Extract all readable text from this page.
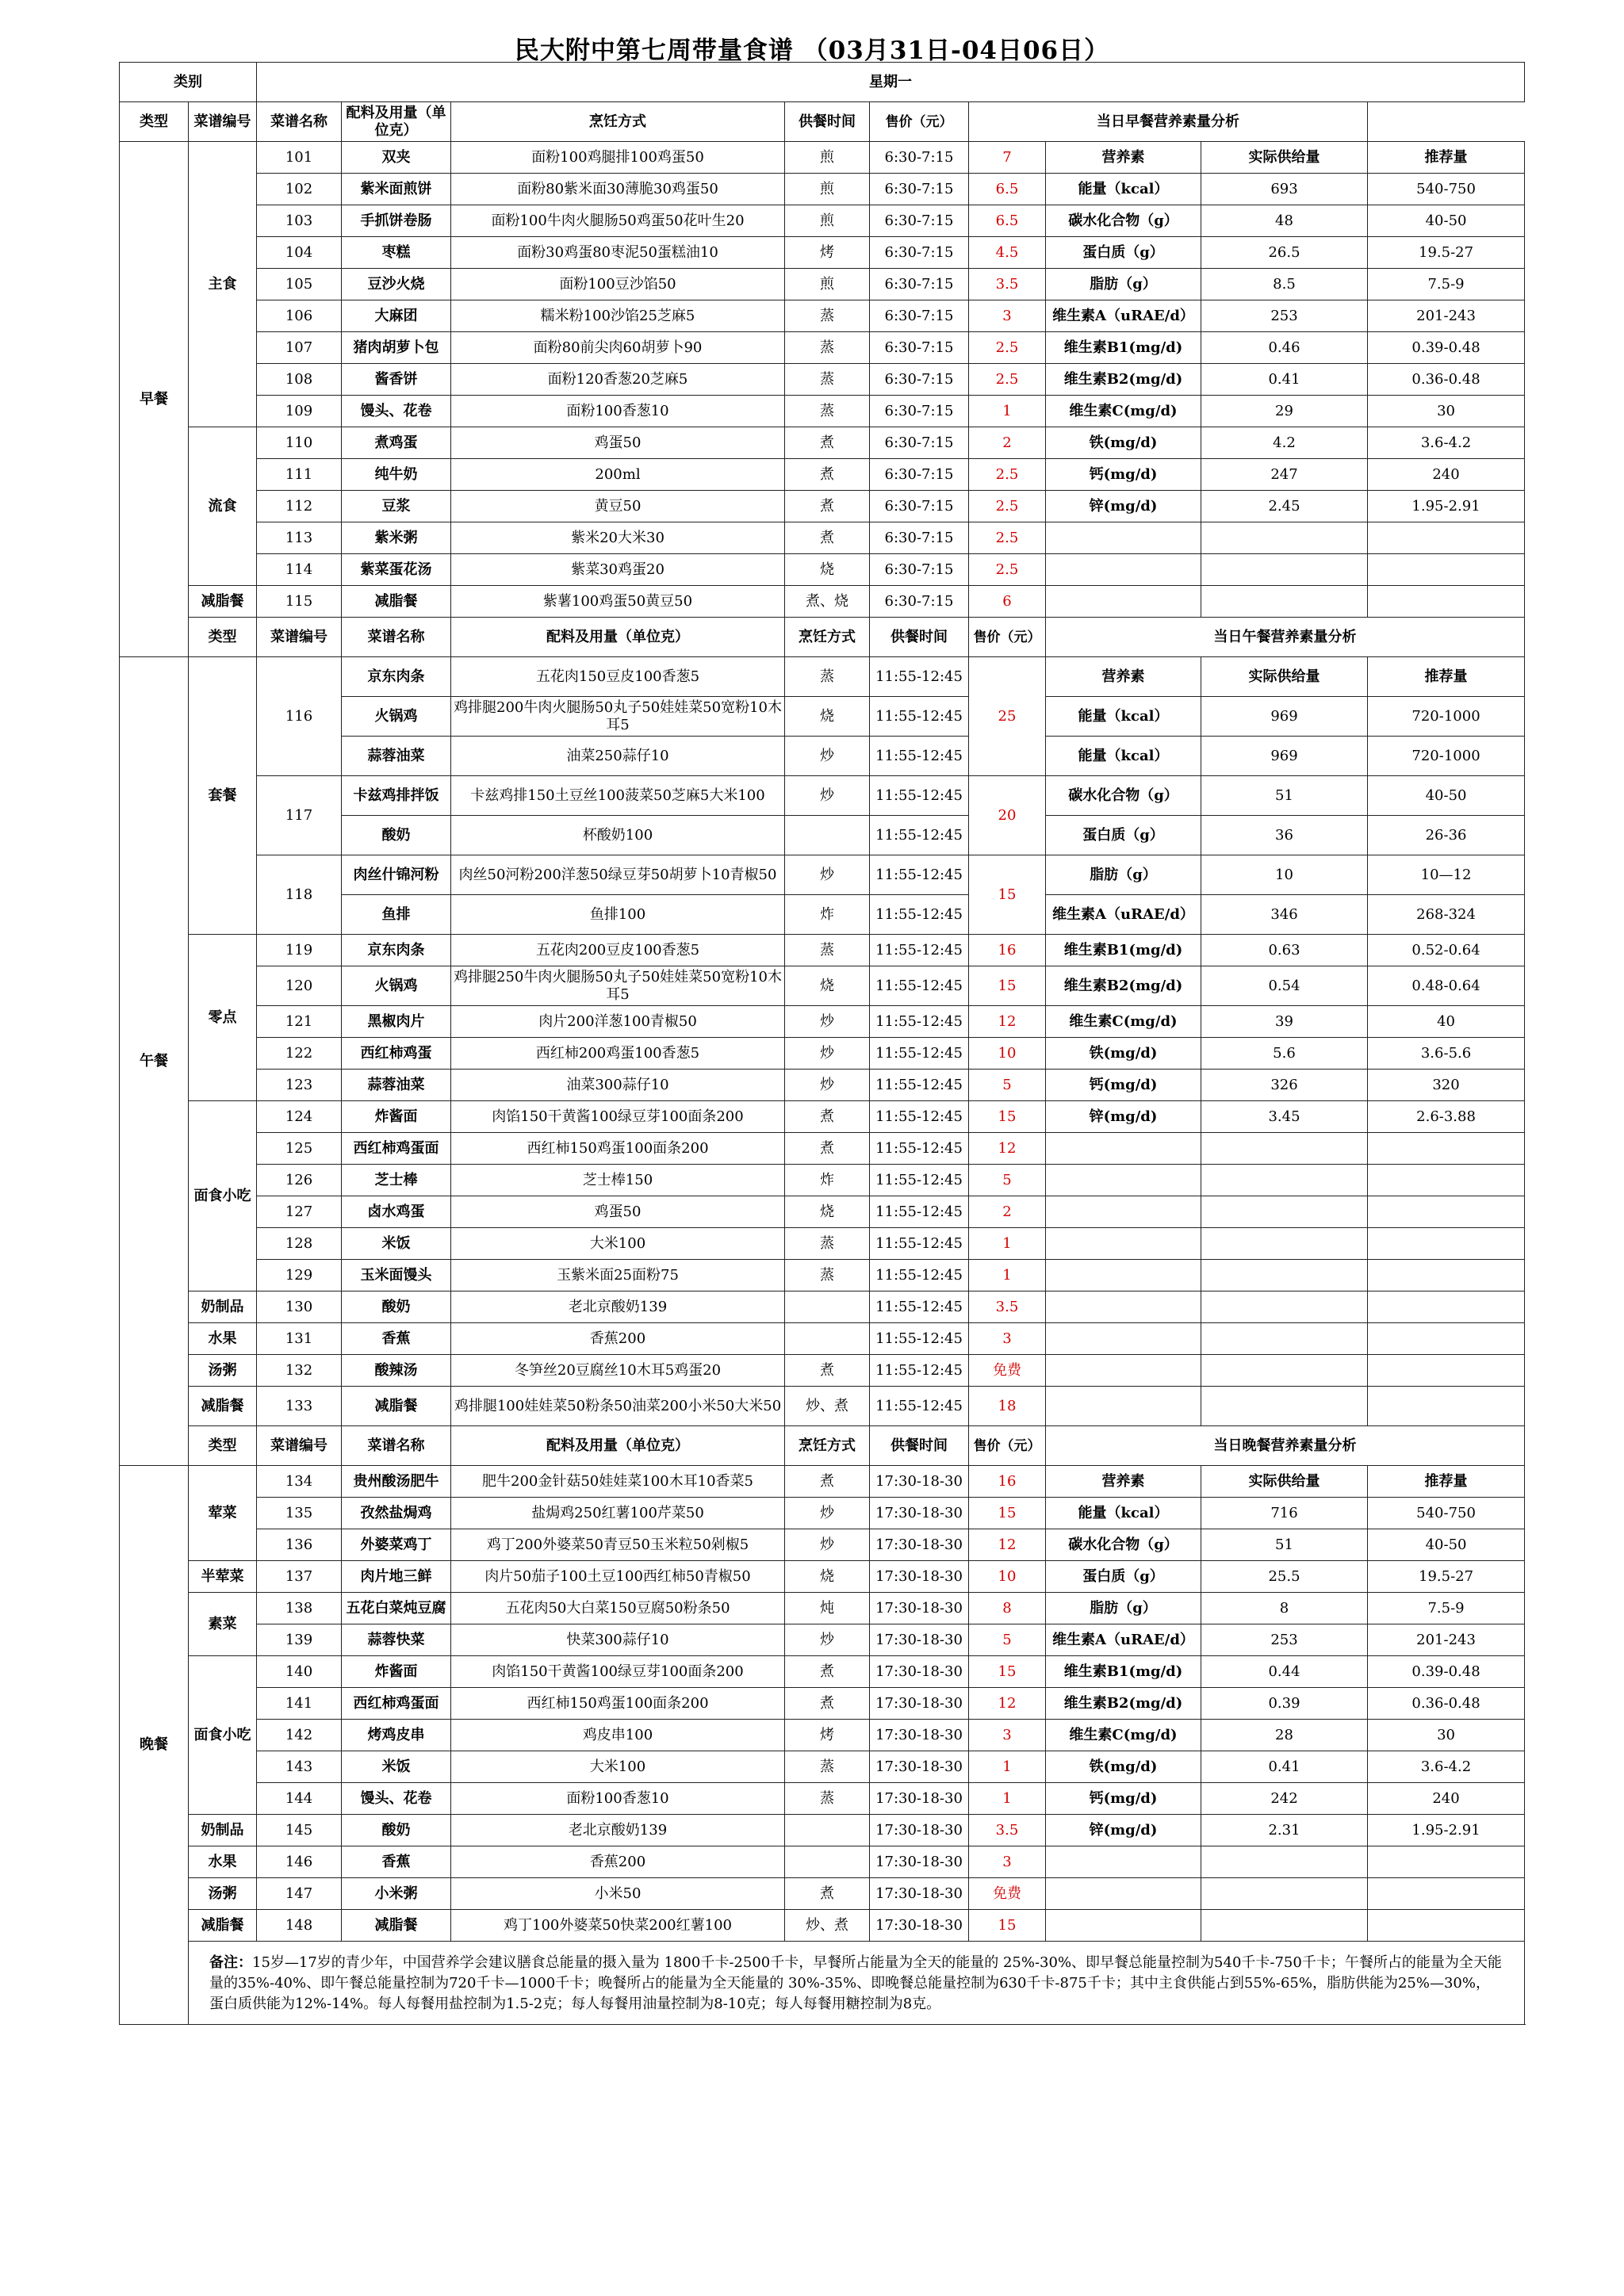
民大附中第七周带量食谱 （03月31日-04日06日）
类别		星期一								
类型	菜谱编号	菜谱名称	配料及用量（单位克）	烹饪方式	供餐时间	售价（元）	当日早餐营养素量分析			
早餐	主食	101	双夹	面粉100鸡腿排100鸡蛋50	煎	6:30-7:15	7	营养素	实际供给量	推荐量
		102	紫米面煎饼	面粉80紫米面30薄脆30鸡蛋50	煎	6:30-7:15	6.5	能量（kcal）	693	540-750
		103	手抓饼卷肠	面粉100牛肉火腿肠50鸡蛋50花叶生20	煎	6:30-7:15	6.5	碳水化合物（g）	48	40-50
		104	枣糕	面粉30鸡蛋80枣泥50蛋糕油10	烤	6:30-7:15	4.5	蛋白质（g）	26.5	19.5-27
		105	豆沙火烧	面粉100豆沙馅50	煎	6:30-7:15	3.5	脂肪（g）	8.5	7.5-9
		106	大麻团	糯米粉100沙馅25芝麻5	蒸	6:30-7:15	3	维生素A（uRAE/d）	253	201-243
		107	猪肉胡萝卜包	面粉80前尖肉60胡萝卜90	蒸	6:30-7:15	2.5	维生素B1(mg/d)	0.46	0.39-0.48
		108	酱香饼	面粉120香葱20芝麻5	蒸	6:30-7:15	2.5	维生素B2(mg/d)	0.41	0.36-0.48
		109	馒头、花卷	面粉100香葱10	蒸	6:30-7:15	1	维生素C(mg/d)	29	30
	流食	110	煮鸡蛋	鸡蛋50	煮	6:30-7:15	2	铁(mg/d)	4.2	3.6-4.2
		111	纯牛奶	200ml	煮	6:30-7:15	2.5	钙(mg/d)	247	240
		112	豆浆	黄豆50	煮	6:30-7:15	2.5	锌(mg/d)	2.45	1.95-2.91
		113	紫米粥	紫米20大米30	煮	6:30-7:15	2.5			
		114	紫菜蛋花汤	紫菜30鸡蛋20	烧	6:30-7:15	2.5			
	减脂餐	115	减脂餐	紫薯100鸡蛋50黄豆50	煮、烧	6:30-7:15	6			
	类型	菜谱编号	菜谱名称	配料及用量（单位克）	烹饪方式	供餐时间	售价（元）	当日午餐营养素量分析		
午餐	套餐	116	京东肉条	五花肉150豆皮100香葱5	蒸	11:55-12:45	25	营养素	实际供给量	推荐量
			火锅鸡	鸡排腿200牛肉火腿肠50丸子50娃娃菜50宽粉10木耳5	烧	11:55-12:45		能量（kcal）	969	720-1000
			蒜蓉油菜	油菜250蒜仔10	炒	11:55-12:45		能量（kcal）	969	720-1000
		117	卡兹鸡排拌饭	卡兹鸡排150土豆丝100菠菜50芝麻5大米100	炒	11:55-12:45	20	碳水化合物（g）	51	40-50
			酸奶	杯酸奶100		11:55-12:45		蛋白质（g）	36	26-36
		118	肉丝什锦河粉	肉丝50河粉200洋葱50绿豆芽50胡萝卜10青椒50	炒	11:55-12:45	15	脂肪（g）	10	10—12
			鱼排	鱼排100	炸	11:55-12:45		维生素A（uRAE/d）	346	268-324
	零点	119	京东肉条	五花肉200豆皮100香葱5	蒸	11:55-12:45	16	维生素B1(mg/d)	0.63	0.52-0.64
		120	火锅鸡	鸡排腿250牛肉火腿肠50丸子50娃娃菜50宽粉10木耳5	烧	11:55-12:45	15	维生素B2(mg/d)	0.54	0.48-0.64
		121	黑椒肉片	肉片200洋葱100青椒50	炒	11:55-12:45	12	维生素C(mg/d)	39	40
		122	西红柿鸡蛋	西红柿200鸡蛋100香葱5	炒	11:55-12:45	10	铁(mg/d)	5.6	3.6-5.6
		123	蒜蓉油菜	油菜300蒜仔10	炒	11:55-12:45	5	钙(mg/d)	326	320
	面食小吃	124	炸酱面	肉馅150干黄酱100绿豆芽100面条200	煮	11:55-12:45	15	锌(mg/d)	3.45	2.6-3.88
		125	西红柿鸡蛋面	西红柿150鸡蛋100面条200	煮	11:55-12:45	12			
		126	芝士棒	芝士棒150	炸	11:55-12:45	5			
		127	卤水鸡蛋	鸡蛋50	烧	11:55-12:45	2			
		128	米饭	大米100	蒸	11:55-12:45	1			
		129	玉米面馒头	玉紫米面25面粉75	蒸	11:55-12:45	1			
	奶制品	130	酸奶	老北京酸奶139		11:55-12:45	3.5			
	水果	131	香蕉	香蕉200		11:55-12:45	3			
	汤粥	132	酸辣汤	冬笋丝20豆腐丝10木耳5鸡蛋20	煮	11:55-12:45	免费			
	减脂餐	133	减脂餐	鸡排腿100娃娃菜50粉条50油菜200小米50大米50	炒、煮	11:55-12:45	18			
	类型	菜谱编号	菜谱名称	配料及用量（单位克）	烹饪方式	供餐时间	售价（元）	当日晚餐营养素量分析		
晚餐	荤菜	134	贵州酸汤肥牛	肥牛200金针菇50娃娃菜100木耳10香菜5	煮	17:30-18-30	16	营养素	实际供给量	推荐量
		135	孜然盐焗鸡	盐焗鸡250红薯100芹菜50	炒	17:30-18-30	15	能量（kcal）	716	540-750
		136	外婆菜鸡丁	鸡丁200外婆菜50青豆50玉米粒50剁椒5	炒	17:30-18-30	12	碳水化合物（g）	51	40-50
	半荤菜	137	肉片地三鲜	肉片50茄子100土豆100西红柿50青椒50	烧	17:30-18-30	10	蛋白质（g）	25.5	19.5-27
	素菜	138	五花白菜炖豆腐	五花肉50大白菜150豆腐50粉条50	炖	17:30-18-30	8	脂肪（g）	8	7.5-9
		139	蒜蓉快菜	快菜300蒜仔10	炒	17:30-18-30	5	维生素A（uRAE/d）	253	201-243
	面食小吃	140	炸酱面	肉馅150干黄酱100绿豆芽100面条200	煮	17:30-18-30	15	维生素B1(mg/d)	0.44	0.39-0.48
		141	西红柿鸡蛋面	西红柿150鸡蛋100面条200	煮	17:30-18-30	12	维生素B2(mg/d)	0.39	0.36-0.48
		142	烤鸡皮串	鸡皮串100	烤	17:30-18-30	3	维生素C(mg/d)	28	30
		143	米饭	大米100	蒸	17:30-18-30	1	铁(mg/d)	0.41	3.6-4.2
		144	馒头、花卷	面粉100香葱10	蒸	17:30-18-30	1	钙(mg/d)	242	240
	奶制品	145	酸奶	老北京酸奶139		17:30-18-30	3.5	锌(mg/d)	2.31	1.95-2.91
	水果	146	香蕉	香蕉200		17:30-18-30	3			
	汤粥	147	小米粥	小米50	煮	17:30-18-30	免费			
	减脂餐	148	减脂餐	鸡丁100外婆菜50快菜200红薯100	炒、煮	17:30-18-30	15			
	备注：15岁—17岁的青少年，中国营养学会建议膳食总能量的摄入量为 1800千卡-2500千卡，早餐所占能量为全天的能量的 25%-30%、即早餐总能量控制为540千卡-750千卡；午餐所占的能量为全天能量的35%-40%、即午餐总能量控制为720千卡—1000千卡；晚餐所占的能量为全天能量的 30%-35%、即晚餐总能量控制为630千卡-875千卡；其中主食供能占到55%-65%，脂肪供能为25%—30%，蛋白质供能为12%-14%。每人每餐用盐控制为1.5-2克；每人每餐用油量控制为8-10克；每人每餐用糖控制为8克。									
